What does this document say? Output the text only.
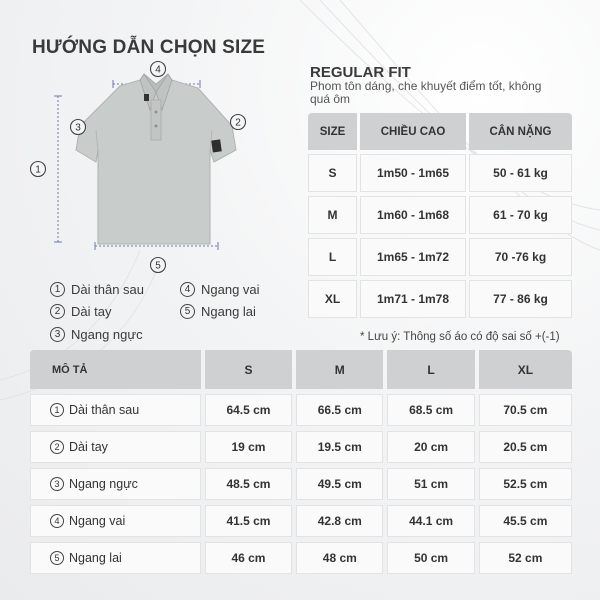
HƯỚNG DẪN CHỌN SIZE
4
1
3	2
5
1 Dài thân sau	4 Ngang vai
2 Dài tay	5 Ngang lai
3 Ngang ngực
REGULAR FIT
Phom tôn dáng, che khuyết điểm tốt, không quá ôm
SIZE	CHIỀU CAO	CÂN NẶNG
S	1m50 - 1m65	50 - 61 kg
M	1m60 - 1m68	61 - 70 kg
L	1m65 - 1m72	70 -76 kg
XL	1m71 - 1m78	77 - 86 kg
* Lưu ý: Thông số áo có độ sai số +(-1)
MÔ TẢ	S	M	L	XL
1 Dài thân sau	64.5 cm	66.5 cm	68.5 cm	70.5 cm
2 Dài tay	19 cm	19.5 cm	20 cm	20.5 cm
3 Ngang ngực	48.5 cm	49.5 cm	51 cm	52.5 cm
4 Ngang vai	41.5 cm	42.8 cm	44.1 cm	45.5 cm
5 Ngang lai	46 cm	48 cm	50 cm	52 cm
